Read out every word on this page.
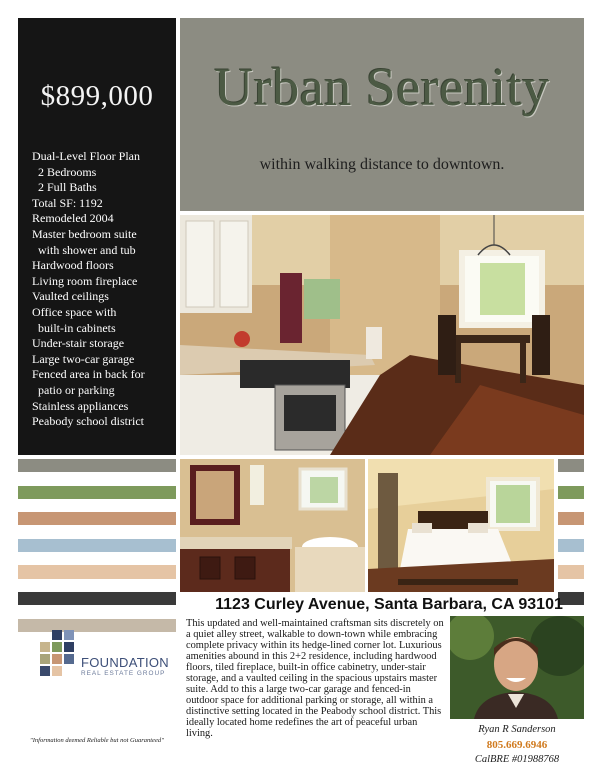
$899,000
Dual-Level Floor Plan
2 Bedrooms
2 Full Baths
Total SF: 1192
Remodeled 2004
Master bedroom suite
with shower and tub
Hardwood floors
Living room fireplace
Vaulted ceilings
Office space with
built-in cabinets
Under-stair storage
Large two-car garage
Fenced area in back for
patio or parking
Stainless appliances
Peabody school district
Urban Serenity
within walking distance to downtown.
1123 Curley Avenue, Santa Barbara, CA 93101

This updated and well-maintained craftsman sits discretely on a quiet alley street, walkable to down-town while embracing complete privacy within its hedge-lined corner lot. Luxurious amenities abound in this 2+2 residence, including hardwood floors, tiled fireplace, built-in office cabinetry, under-stair storage, and a vaulted ceiling in the spacious upstairs master suite. Add to this a large two-car garage and fenced-in outdoor space for additional parking or storage, all within a distinctive setting located in the Peabody school district. This ideally located home redefines the art of peaceful urban living.

FOUNDATION
REAL ESTATE GROUP
"Information deemed Reliable but not Guaranteed"
Ryan R Sanderson
805.669.6946
CalBRE #01988768
